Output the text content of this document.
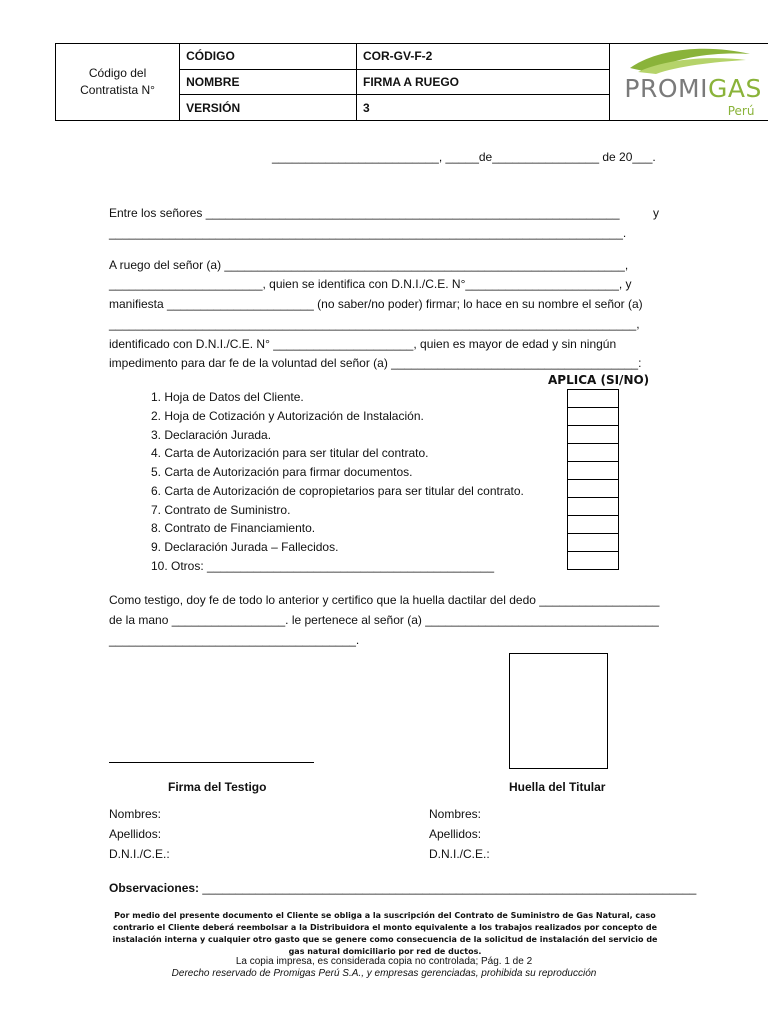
Código del Contratista N°	CÓDIGO	COR-GV-F-2	PROMIGAS
Perú

	NOMBRE	FIRMA A RUEGO	
	VERSIÓN	3	
_________________________, _____de________________ de 20___.
Entre los señores ______________________________________________________________	y
_____________________________________________________________________________.
A ruego del señor (a) ____________________________________________________________,
_______________________, quien se identifica con D.N.I./C.E. N°_______________________, y
manifiesta ______________________ (no saber/no poder) firmar; lo hace en su nombre el señor (a)
_______________________________________________________________________________,
identificado con D.N.I./C.E. N° _____________________, quien es mayor de edad y sin ningún
impedimento para dar fe de la voluntad del señor (a) _____________________________________:
APLICA (SI/NO)
1. Hoja de Datos del Cliente.
2. Hoja de Cotización y Autorización de Instalación.
3. Declaración Jurada.
4. Carta de Autorización para ser titular del contrato.
5. Carta de Autorización para firmar documentos.
6. Carta de Autorización de copropietarios para ser titular del contrato.
7. Contrato de Suministro.
8. Contrato de Financiamiento.
9. Declaración Jurada – Fallecidos.
10. Otros: ___________________________________________
Como testigo, doy fe de todo lo anterior y certifico que la huella dactilar del dedo __________________
de la mano _________________. le pertenece al señor (a) ___________________________________
_____________________________________.
Firma del Testigo	Huella del Titular
Nombres:
Apellidos:
D.N.I./C.E.:
Nombres:
Apellidos:
D.N.I./C.E.:
Observaciones: __________________________________________________________________________
Por medio del presente documento el Cliente se obliga a la suscripción del Contrato de Suministro de Gas Natural, caso contrario el Cliente deberá reembolsar a la Distribuidora el monto equivalente a los trabajos realizados por concepto de instalación interna y cualquier otro gasto que se genere como consecuencia de la solicitud de instalación del servicio de gas natural domiciliario por red de ductos.
La copia impresa, es considerada copia no controlada; Pág. 1 de 2
Derecho reservado de Promigas Perú S.A., y empresas gerenciadas, prohibida su reproducción
